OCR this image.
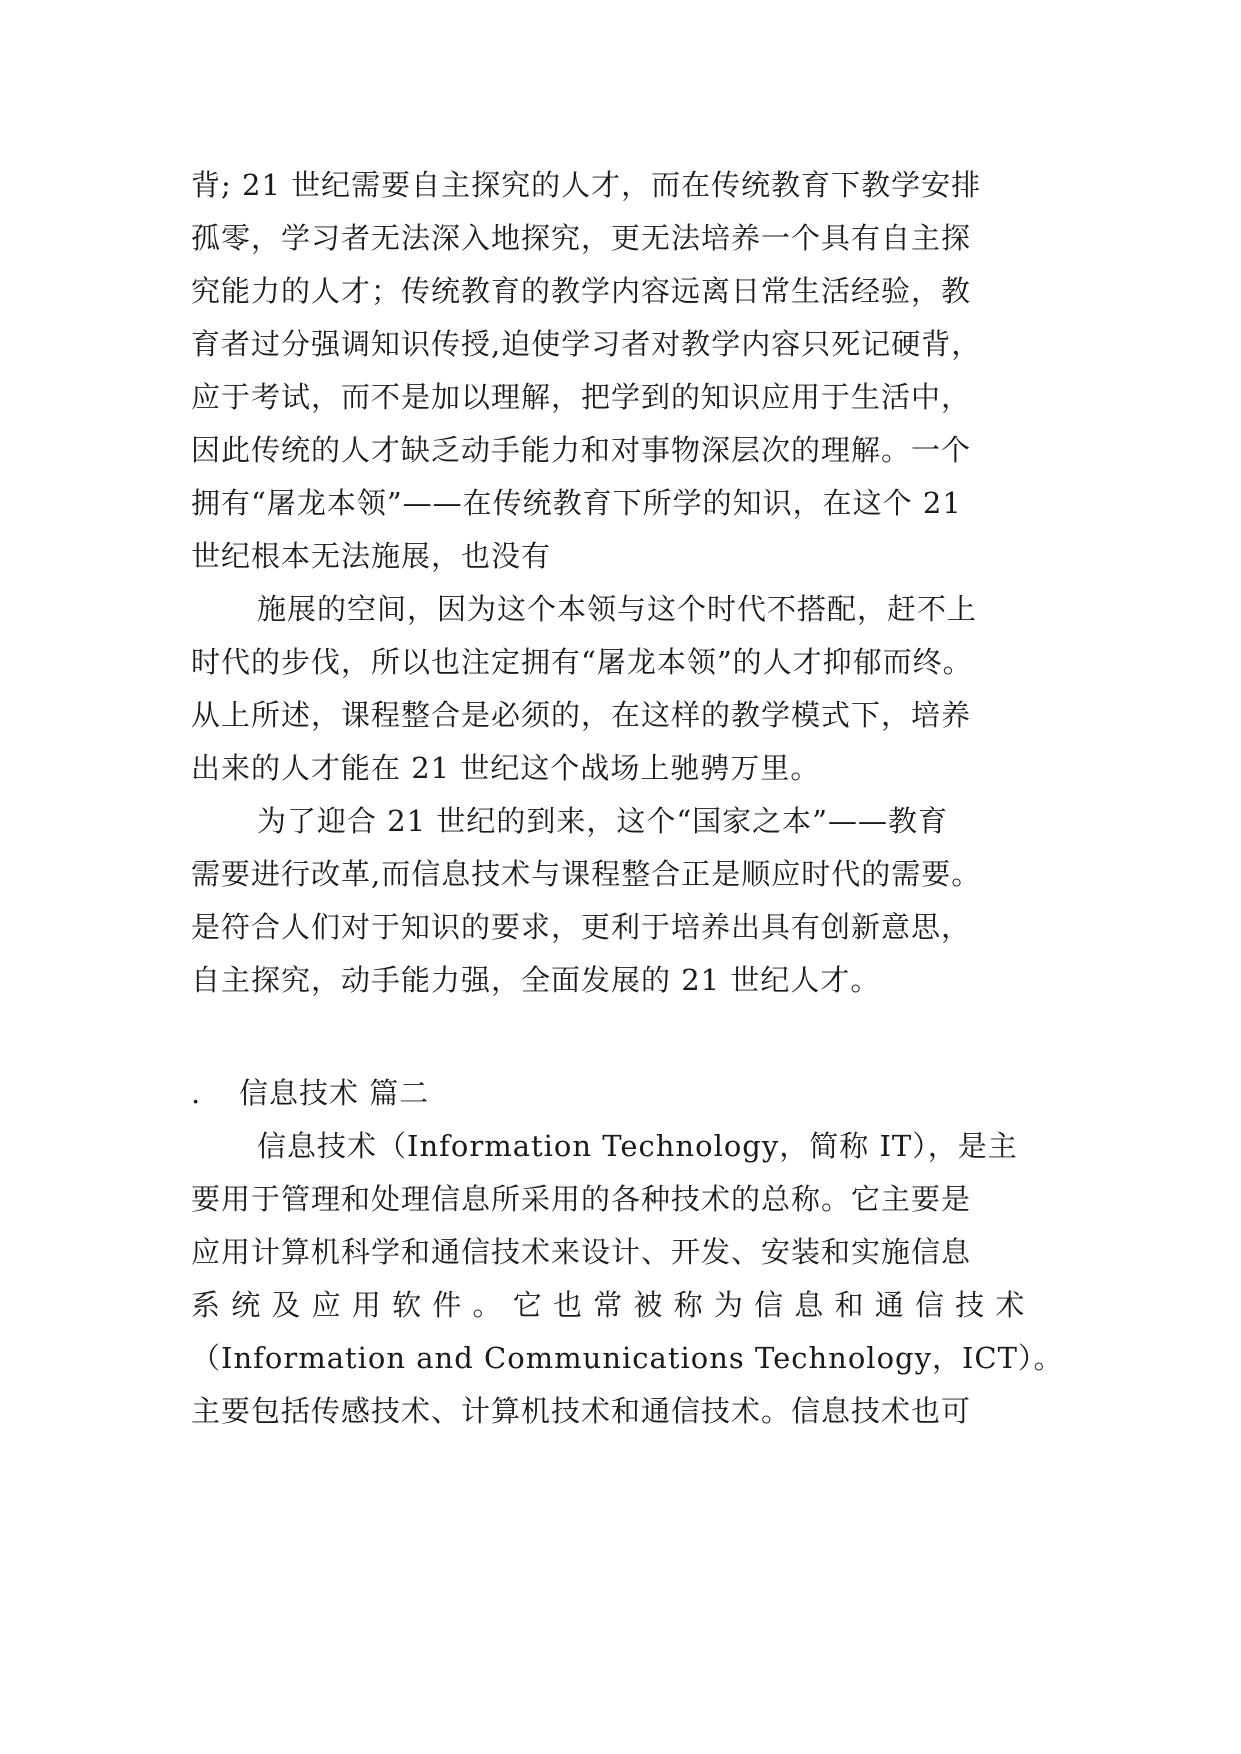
背; 21 世纪需要自主探究的人才，而在传统教育下教学安排
孤零，学习者无法深入地探究，更无法培养一个具有自主探
究能力的人才；传统教育的教学内容远离日常生活经验，教
育者过分强调知识传授,迫使学习者对教学内容只死记硬背，
应于考试，而不是加以理解，把学到的知识应用于生活中，
因此传统的人才缺乏动手能力和对事物深层次的理解。一个
拥有“屠龙本领”——在传统教育下所学的知识，在这个 21
世纪根本无法施展，也没有
施展的空间，因为这个本领与这个时代不搭配，赶不上
时代的步伐，所以也注定拥有“屠龙本领”的人才抑郁而终。
从上所述，课程整合是必须的，在这样的教学模式下，培养
出来的人才能在 21 世纪这个战场上驰骋万里。
为了迎合 21 世纪的到来，这个“国家之本”——教育
需要进行改革,而信息技术与课程整合正是顺应时代的需要。
是符合人们对于知识的要求，更利于培养出具有创新意思，
自主探究，动手能力强，全面发展的 21 世纪人才。
. 信息技术 篇二
信息技术（Information Technology，简称 IT），是主
要用于管理和处理信息所采用的各种技术的总称。它主要是
应用计算机科学和通信技术来设计、开发、安装和实施信息
系 统 及 应 用 软 件 。 它 也 常 被 称 为 信 息 和 通 信 技 术
（Information and Communications Technology，ICT）。
主要包括传感技术、计算机技术和通信技术。信息技术也可
